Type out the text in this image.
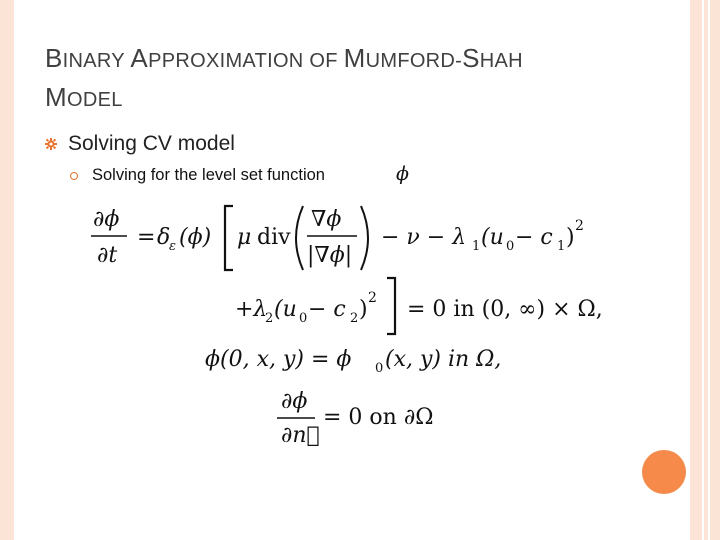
BINARY APPROXIMATION OF MUMFORD-SHAH
MODEL
Solving CV model
Solving for the level set function	ϕ
∂ϕ
∂t
= δ
ε (ϕ) μ div
∇ϕ
|∇ϕ|
− ν − λ 1 (u 0 − c 1 ) 2
+λ
2 (u 0 − c 2 ) 2 = 0 in (0, ∞) × Ω,
ϕ(0, x, y) = ϕ 0 (x, y) in Ω,
∂ϕ
∂n⃗
= 0 on ∂Ω
